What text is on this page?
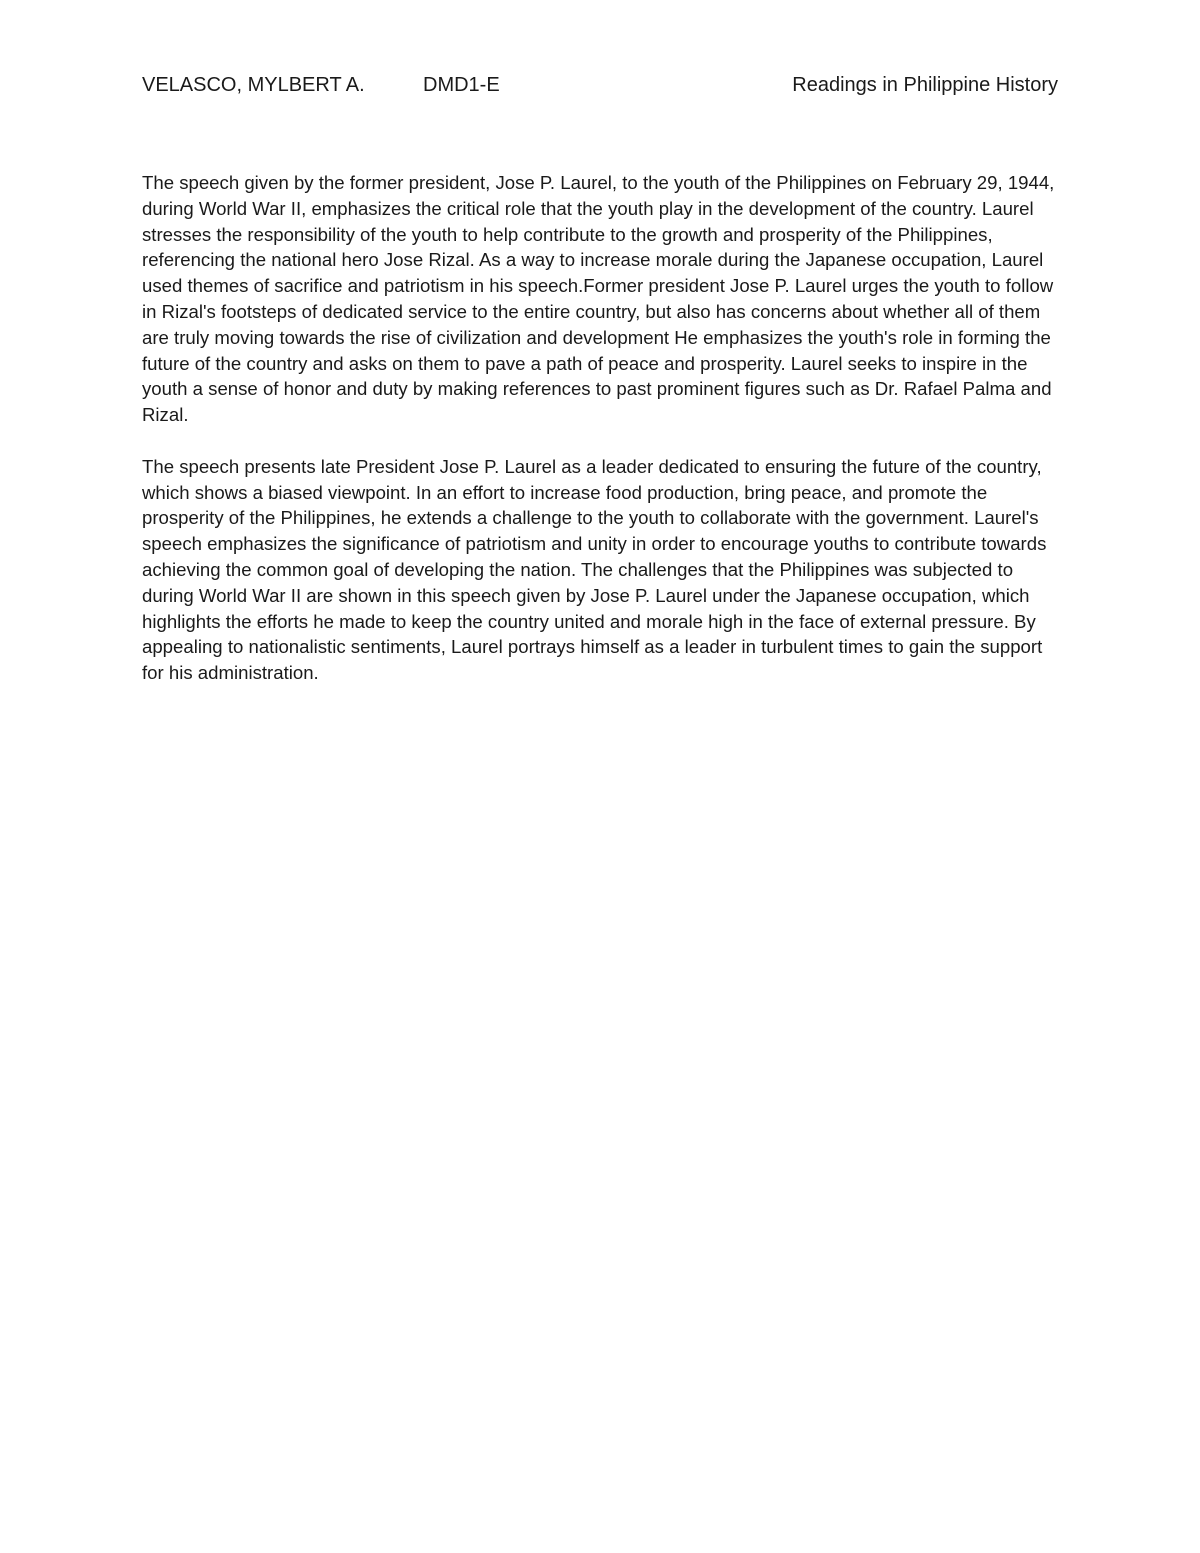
VELASCO, MYLBERT A.	DMD1-E	Readings in Philippine History

The speech given by the former president, Jose P. Laurel, to the youth of the Philippines on February 29, 1944, during World War II, emphasizes the critical role that the youth play in the development of the country. Laurel stresses the responsibility of the youth to help contribute to the growth and prosperity of the Philippines, referencing the national hero Jose Rizal. As a way to increase morale during the Japanese occupation, Laurel used themes of sacrifice and patriotism in his speech.Former president Jose P. Laurel urges the youth to follow in Rizal's footsteps of dedicated service to the entire country, but also has concerns about whether all of them are truly moving towards the rise of civilization and development He emphasizes the youth's role in forming the future of the country and asks on them to pave a path of peace and prosperity. Laurel seeks to inspire in the youth a sense of honor and duty by making references to past prominent figures such as Dr. Rafael Palma and Rizal.

The speech presents late President Jose P. Laurel as a leader dedicated to ensuring the future of the country, which shows a biased viewpoint. In an effort to increase food production, bring peace, and promote the prosperity of the Philippines, he extends a challenge to the youth to collaborate with the government. Laurel's speech emphasizes the significance of patriotism and unity in order to encourage youths to contribute towards achieving the common goal of developing the nation. The challenges that the Philippines was subjected to during World War II are shown in this speech given by Jose P. Laurel under the Japanese occupation, which highlights the efforts he made to keep the country united and morale high in the face of external pressure. By appealing to nationalistic sentiments, Laurel portrays himself as a leader in turbulent times to gain the support for his administration.
